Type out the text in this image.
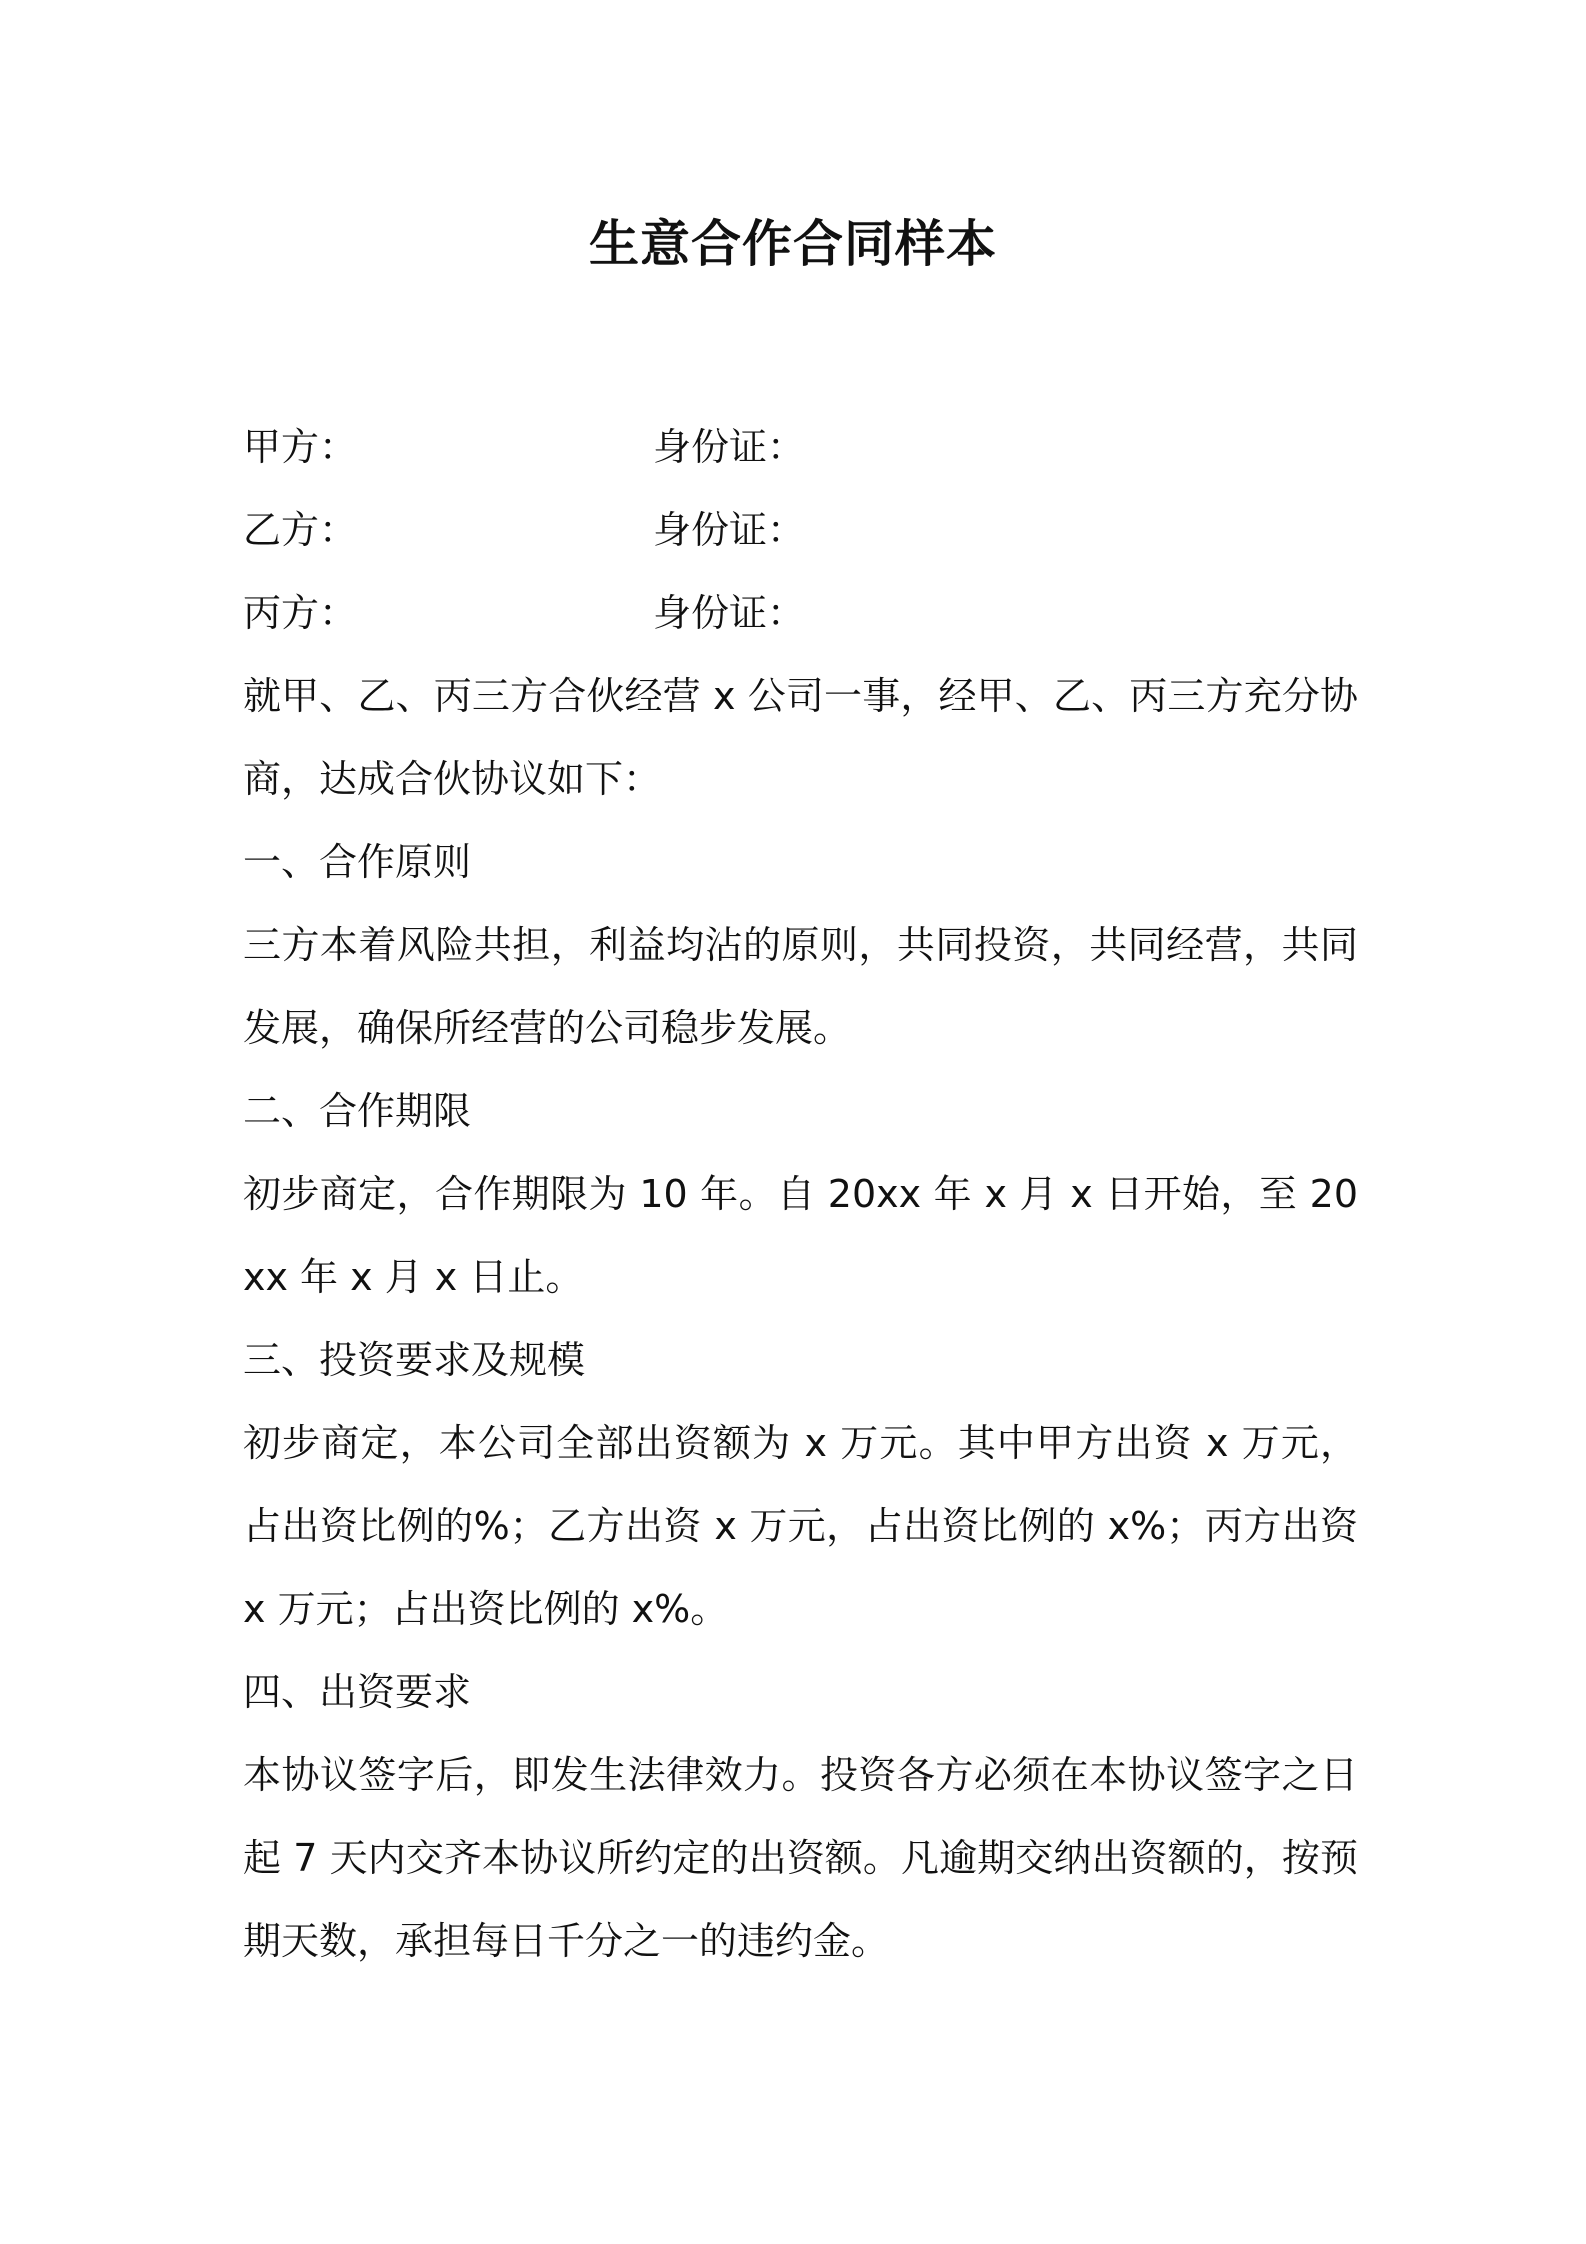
生意合作合同样本
甲方：	身份证：
乙方：	身份证：
丙方：	身份证：
就甲、乙、丙三方合伙经营 x 公司一事，经甲、乙、丙三方充分协商，达成合伙协议如下：
一、合作原则
三方本着风险共担，利益均沾的原则，共同投资，共同经营，共同发展，确保所经营的公司稳步发展。
二、合作期限
初步商定，合作期限为 10 年。自 20xx 年 x 月 x 日开始，至 20xx 年 x 月 x 日止。
三、投资要求及规模
初步商定，本公司全部出资额为 x 万元。其中甲方出资 x 万元，占出资比例的%；乙方出资 x 万元，占出资比例的 x%；丙方出资 x 万元；占出资比例的 x%。
四、出资要求
本协议签字后，即发生法律效力。投资各方必须在本协议签字之日起 7 天内交齐本协议所约定的出资额。凡逾期交纳出资额的，按预期天数，承担每日千分之一的违约金。
